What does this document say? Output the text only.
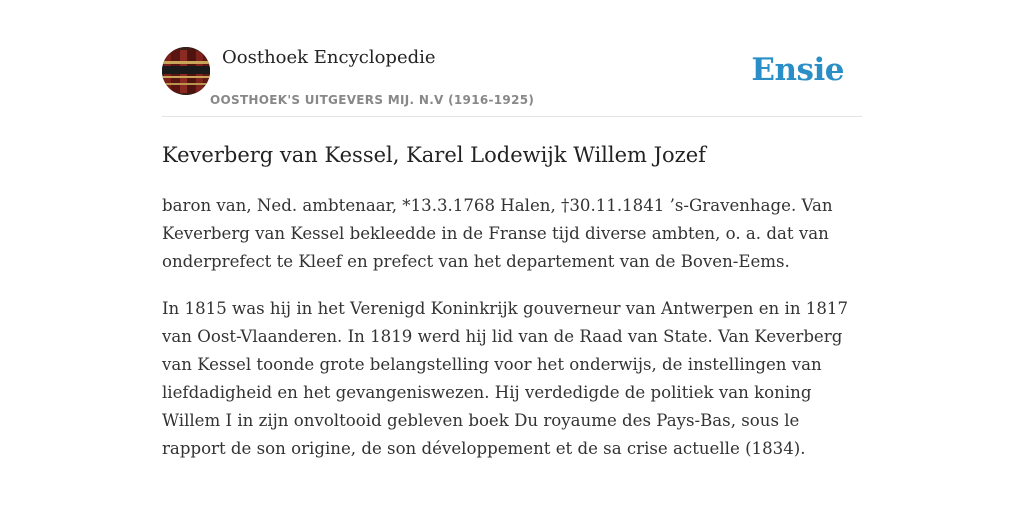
Oosthoek Encyclopedie
OOSTHOEK'S UITGEVERS MIJ. N.V (1916-1925)
Ensie
Keverberg van Kessel, Karel Lodewijk Willem Jozef

baron van, Ned. ambtenaar, *13.3.1768 Halen, †30.11.1841 ’s-Gravenhage. Van
Keverberg van Kessel bekleedde in de Franse tijd diverse ambten, o. a. dat van
onderprefect te Kleef en prefect van het departement van de Boven-Eems.

In 1815 was hij in het Verenigd Koninkrijk gouverneur van Antwerpen en in 1817
van Oost-Vlaanderen. In 1819 werd hij lid van de Raad van State. Van Keverberg
van Kessel toonde grote belangstelling voor het onderwijs, de instellingen van
liefdadigheid en het gevangeniswezen. Hij verdedigde de politiek van koning
Willem I in zijn onvoltooid gebleven boek Du royaume des Pays-Bas, sous le
rapport de son origine, de son développement et de sa crise actuelle (1834).
